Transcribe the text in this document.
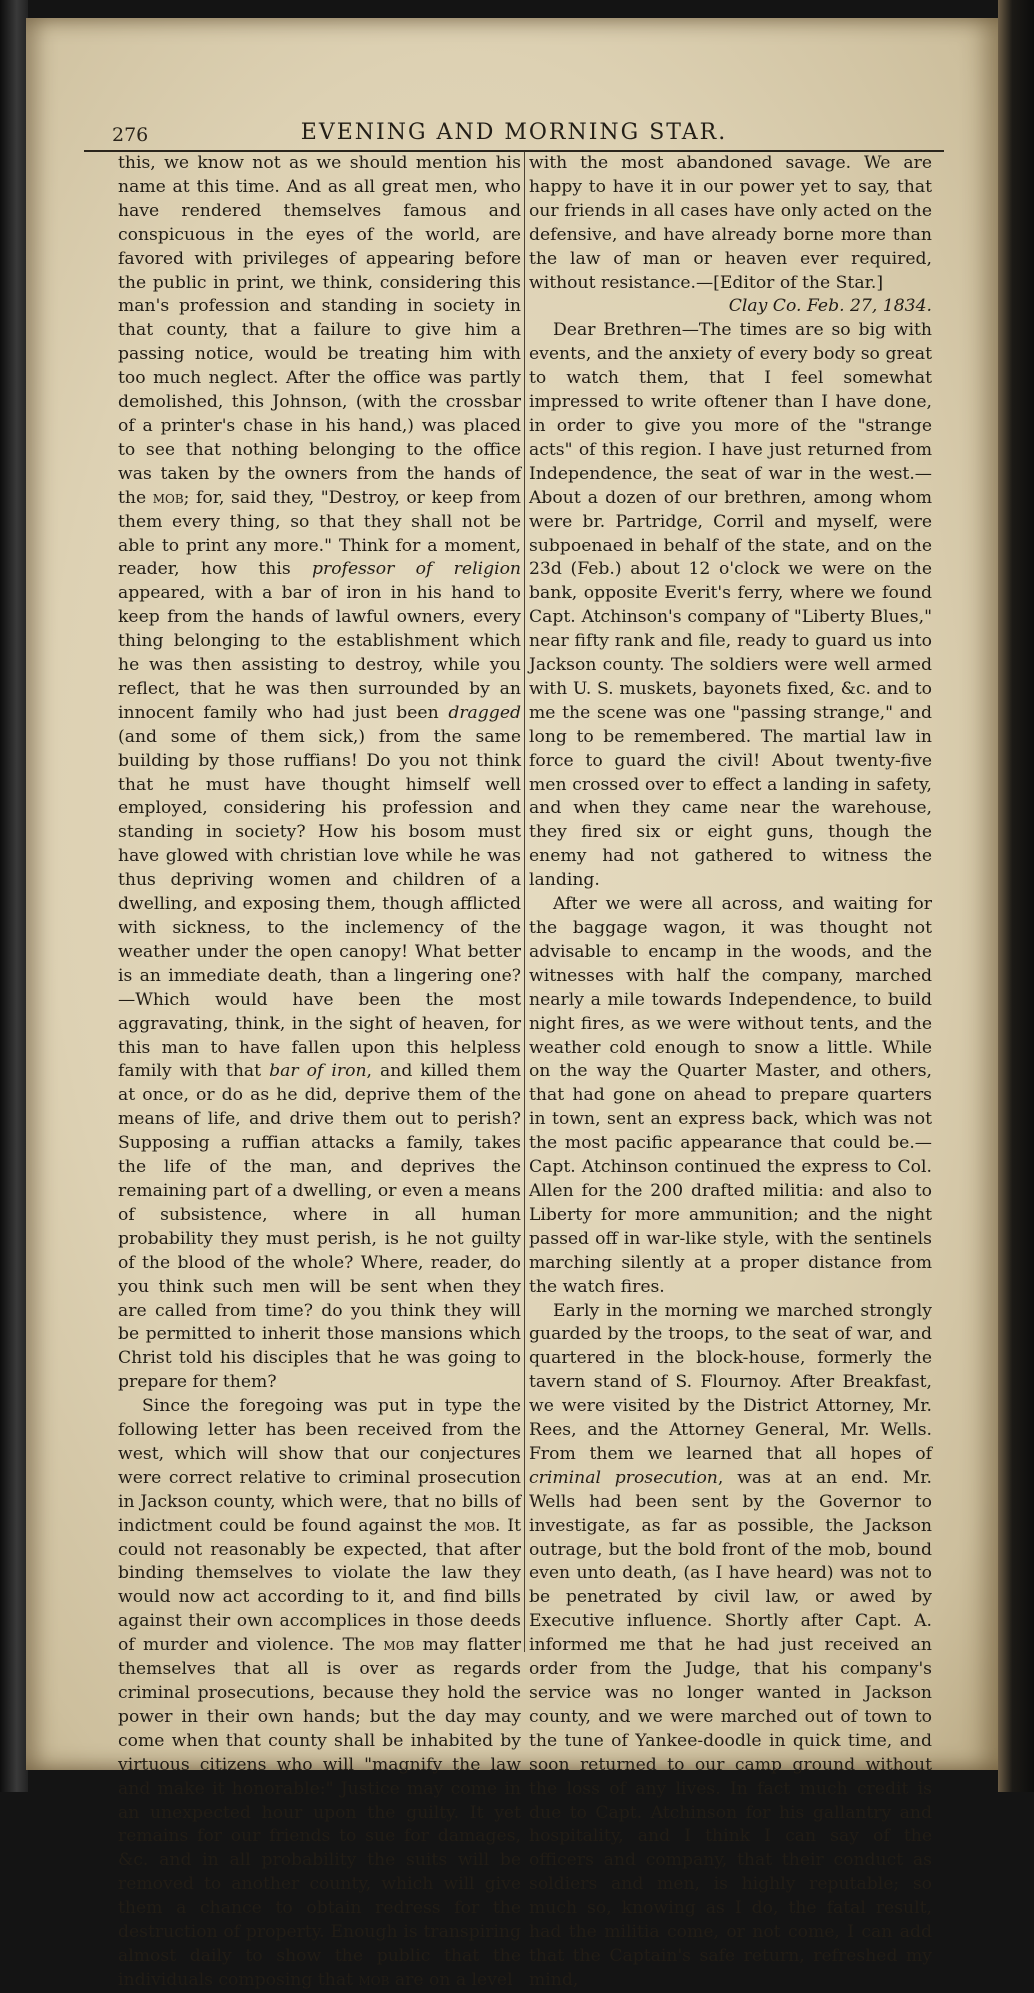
276	EVENING AND MORNING STAR.

this, we know not as we should mention his name at this time. And as all great men, who have rendered themselves famous and conspicuous in the eyes of the world, are favored with privileges of appearing before the public in print, we think, considering this man's profession and standing in society in that county, that a failure to give him a passing notice, would be treating him with too much neglect. After the office was partly demolished, this Johnson, (with the crossbar of a printer's chase in his hand,) was placed to see that nothing belonging to the office was taken by the owners from the hands of the mob; for, said they, "Destroy, or keep from them every thing, so that they shall not be able to print any more." Think for a moment, reader, how this professor of religion appeared, with a bar of iron in his hand to keep from the hands of lawful owners, every thing belonging to the establishment which he was then assisting to destroy, while you reflect, that he was then surrounded by an innocent family who had just been dragged (and some of them sick,) from the same building by those ruffians! Do you not think that he must have thought himself well employed, considering his profession and standing in society? How his bosom must have glowed with christian love while he was thus depriving women and children of a dwelling, and exposing them, though afflicted with sickness, to the inclemency of the weather under the open canopy! What better is an immediate death, than a lingering one?—Which would have been the most aggravating, think, in the sight of heaven, for this man to have fallen upon this helpless family with that bar of iron, and killed them at once, or do as he did, deprive them of the means of life, and drive them out to perish? Supposing a ruffian attacks a family, takes the life of the man, and deprives the remaining part of a dwelling, or even a means of subsistence, where in all human probability they must perish, is he not guilty of the blood of the whole? Where, reader, do you think such men will be sent when they are called from time? do you think they will be permitted to inherit those mansions which Christ told his disciples that he was going to prepare for them?

Since the foregoing was put in type the following letter has been received from the west, which will show that our conjectures were correct relative to criminal prosecution in Jackson county, which were, that no bills of indictment could be found against the mob. It could not reasonably be expected, that after binding themselves to violate the law they would now act according to it, and find bills against their own accomplices in those deeds of murder and violence. The mob may flatter themselves that all is over as regards criminal prosecutions, because they hold the power in their own hands; but the day may come when that county shall be inhabited by virtuous citizens who will "magnify the law and make it honorable:" Justice may come in an unexpected hour upon the guilty. It yet remains for our friends to sue for damages, &c. and in all probability the suits will be removed to another county, which will give them a chance to obtain redress for the destruction of property. Enough is transpiring almost daily to show the public that the individuals composing that mob are on a level

with the most abandoned savage. We are happy to have it in our power yet to say, that our friends in all cases have only acted on the defensive, and have already borne more than the law of man or heaven ever required, without resistance.—[Editor of the Star.]

Clay Co. Feb. 27, 1834.

Dear Brethren—The times are so big with events, and the anxiety of every body so great to watch them, that I feel somewhat impressed to write oftener than I have done, in order to give you more of the "strange acts" of this region. I have just returned from Independence, the seat of war in the west.—About a dozen of our brethren, among whom were br. Partridge, Corril and myself, were subpoenaed in behalf of the state, and on the 23d (Feb.) about 12 o'clock we were on the bank, opposite Everit's ferry, where we found Capt. Atchinson's company of "Liberty Blues," near fifty rank and file, ready to guard us into Jackson county. The soldiers were well armed with U. S. muskets, bayonets fixed, &c. and to me the scene was one "passing strange," and long to be remembered. The martial law in force to guard the civil! About twenty-five men crossed over to effect a landing in safety, and when they came near the warehouse, they fired six or eight guns, though the enemy had not gathered to witness the landing.

After we were all across, and waiting for the baggage wagon, it was thought not advisable to encamp in the woods, and the witnesses with half the company, marched nearly a mile towards Independence, to build night fires, as we were without tents, and the weather cold enough to snow a little. While on the way the Quarter Master, and others, that had gone on ahead to prepare quarters in town, sent an express back, which was not the most pacific appearance that could be.—Capt. Atchinson continued the express to Col. Allen for the 200 drafted militia: and also to Liberty for more ammunition; and the night passed off in war-like style, with the sentinels marching silently at a proper distance from the watch fires.

Early in the morning we marched strongly guarded by the troops, to the seat of war, and quartered in the block-house, formerly the tavern stand of S. Flournoy. After Breakfast, we were visited by the District Attorney, Mr. Rees, and the Attorney General, Mr. Wells. From them we learned that all hopes of criminal prosecution, was at an end. Mr. Wells had been sent by the Governor to investigate, as far as possible, the Jackson outrage, but the bold front of the mob, bound even unto death, (as I have heard) was not to be penetrated by civil law, or awed by Executive influence. Shortly after Capt. A. informed me that he had just received an order from the Judge, that his company's service was no longer wanted in Jackson county, and we were marched out of town to the tune of Yankee-doodle in quick time, and soon returned to our camp ground without the loss of any lives. In fact much credit is due to Capt. Atchinson for his gallantry and hospitality, and I think I can say of the officers and company, that their conduct as soldiers and men, is highly reputable; so much so, knowing as I do, the fatal result, had the militia come, or not come, I can add that the Captain's safe return, refreshed my mind,
